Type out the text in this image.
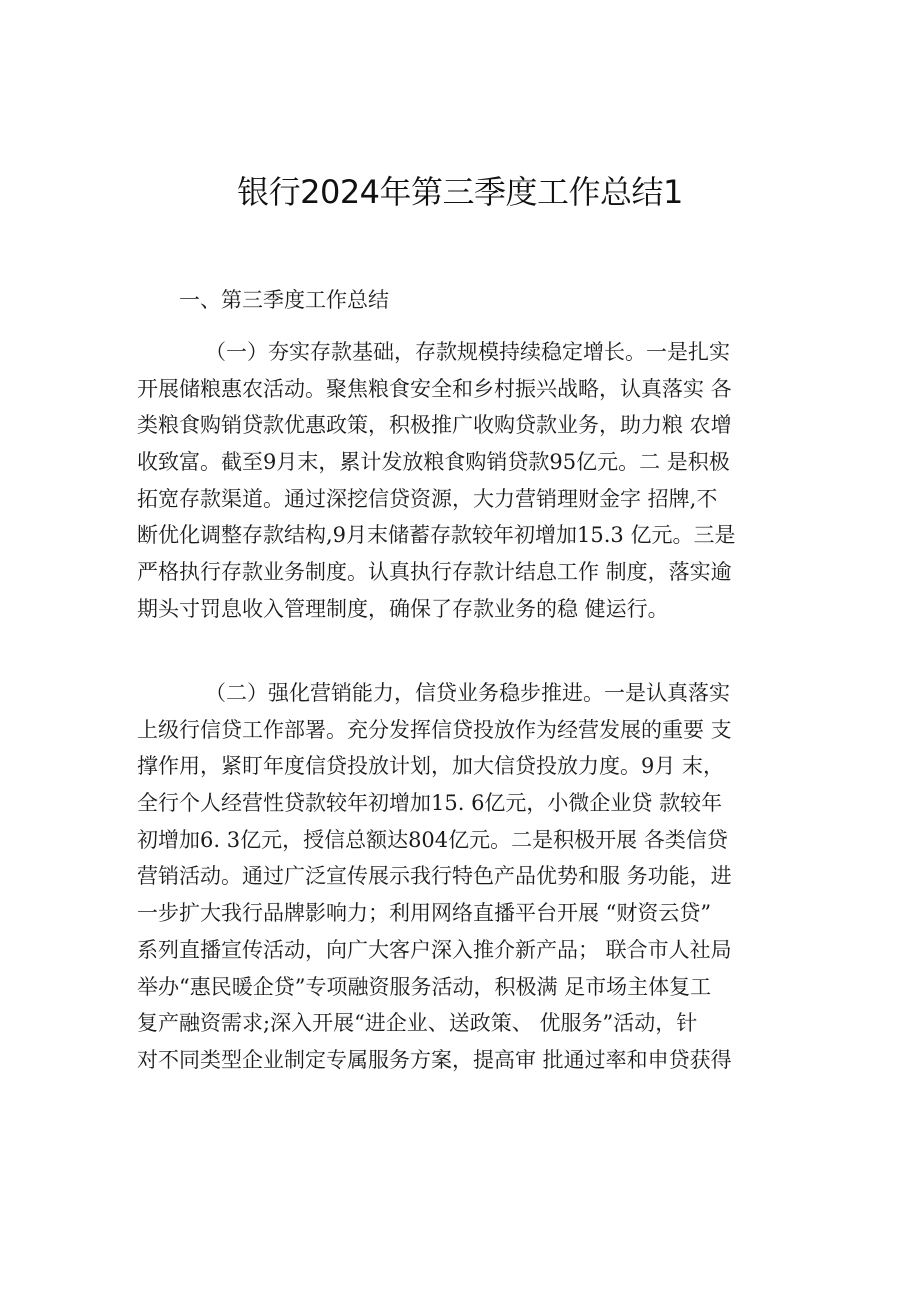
银行2024年第三季度工作总结1
一、第三季度工作总结
（一）夯实存款基础，存款规模持续稳定增长。一是扎实
开展储粮惠农活动。聚焦粮食安全和乡村振兴战略，认真落实 各
类粮食购销贷款优惠政策，积极推广收购贷款业务，助力粮 农增
收致富。截至9月末，累计发放粮食购销贷款95亿元。二 是积极
拓宽存款渠道。通过深挖信贷资源，大力营销理财金字 招牌,不
断优化调整存款结构,9月末储蓄存款较年初增加15.3 亿元。三是
严格执行存款业务制度。认真执行存款计结息工作 制度，落实逾
期头寸罚息收入管理制度，确保了存款业务的稳 健运行。
（二）强化营销能力，信贷业务稳步推进。一是认真落实
上级行信贷工作部署。充分发挥信贷投放作为经营发展的重要 支
撑作用，紧盯年度信贷投放计划，加大信贷投放力度。9月 末，
全行个人经营性贷款较年初增加15. 6亿元，小微企业贷 款较年
初增加6. 3亿元，授信总额达804亿元。二是积极开展 各类信贷
营销活动。通过广泛宣传展示我行特色产品优势和服 务功能，进
一步扩大我行品牌影响力；利用网络直播平台开展 “财资云贷”
系列直播宣传活动，向广大客户深入推介新产品； 联合市人社局
举办“惠民暖企贷”专项融资服务活动，积极满 足市场主体复工
复产融资需求;深入开展“进企业、送政策、 优服务”活动，针
对不同类型企业制定专属服务方案，提高审 批通过率和申贷获得
